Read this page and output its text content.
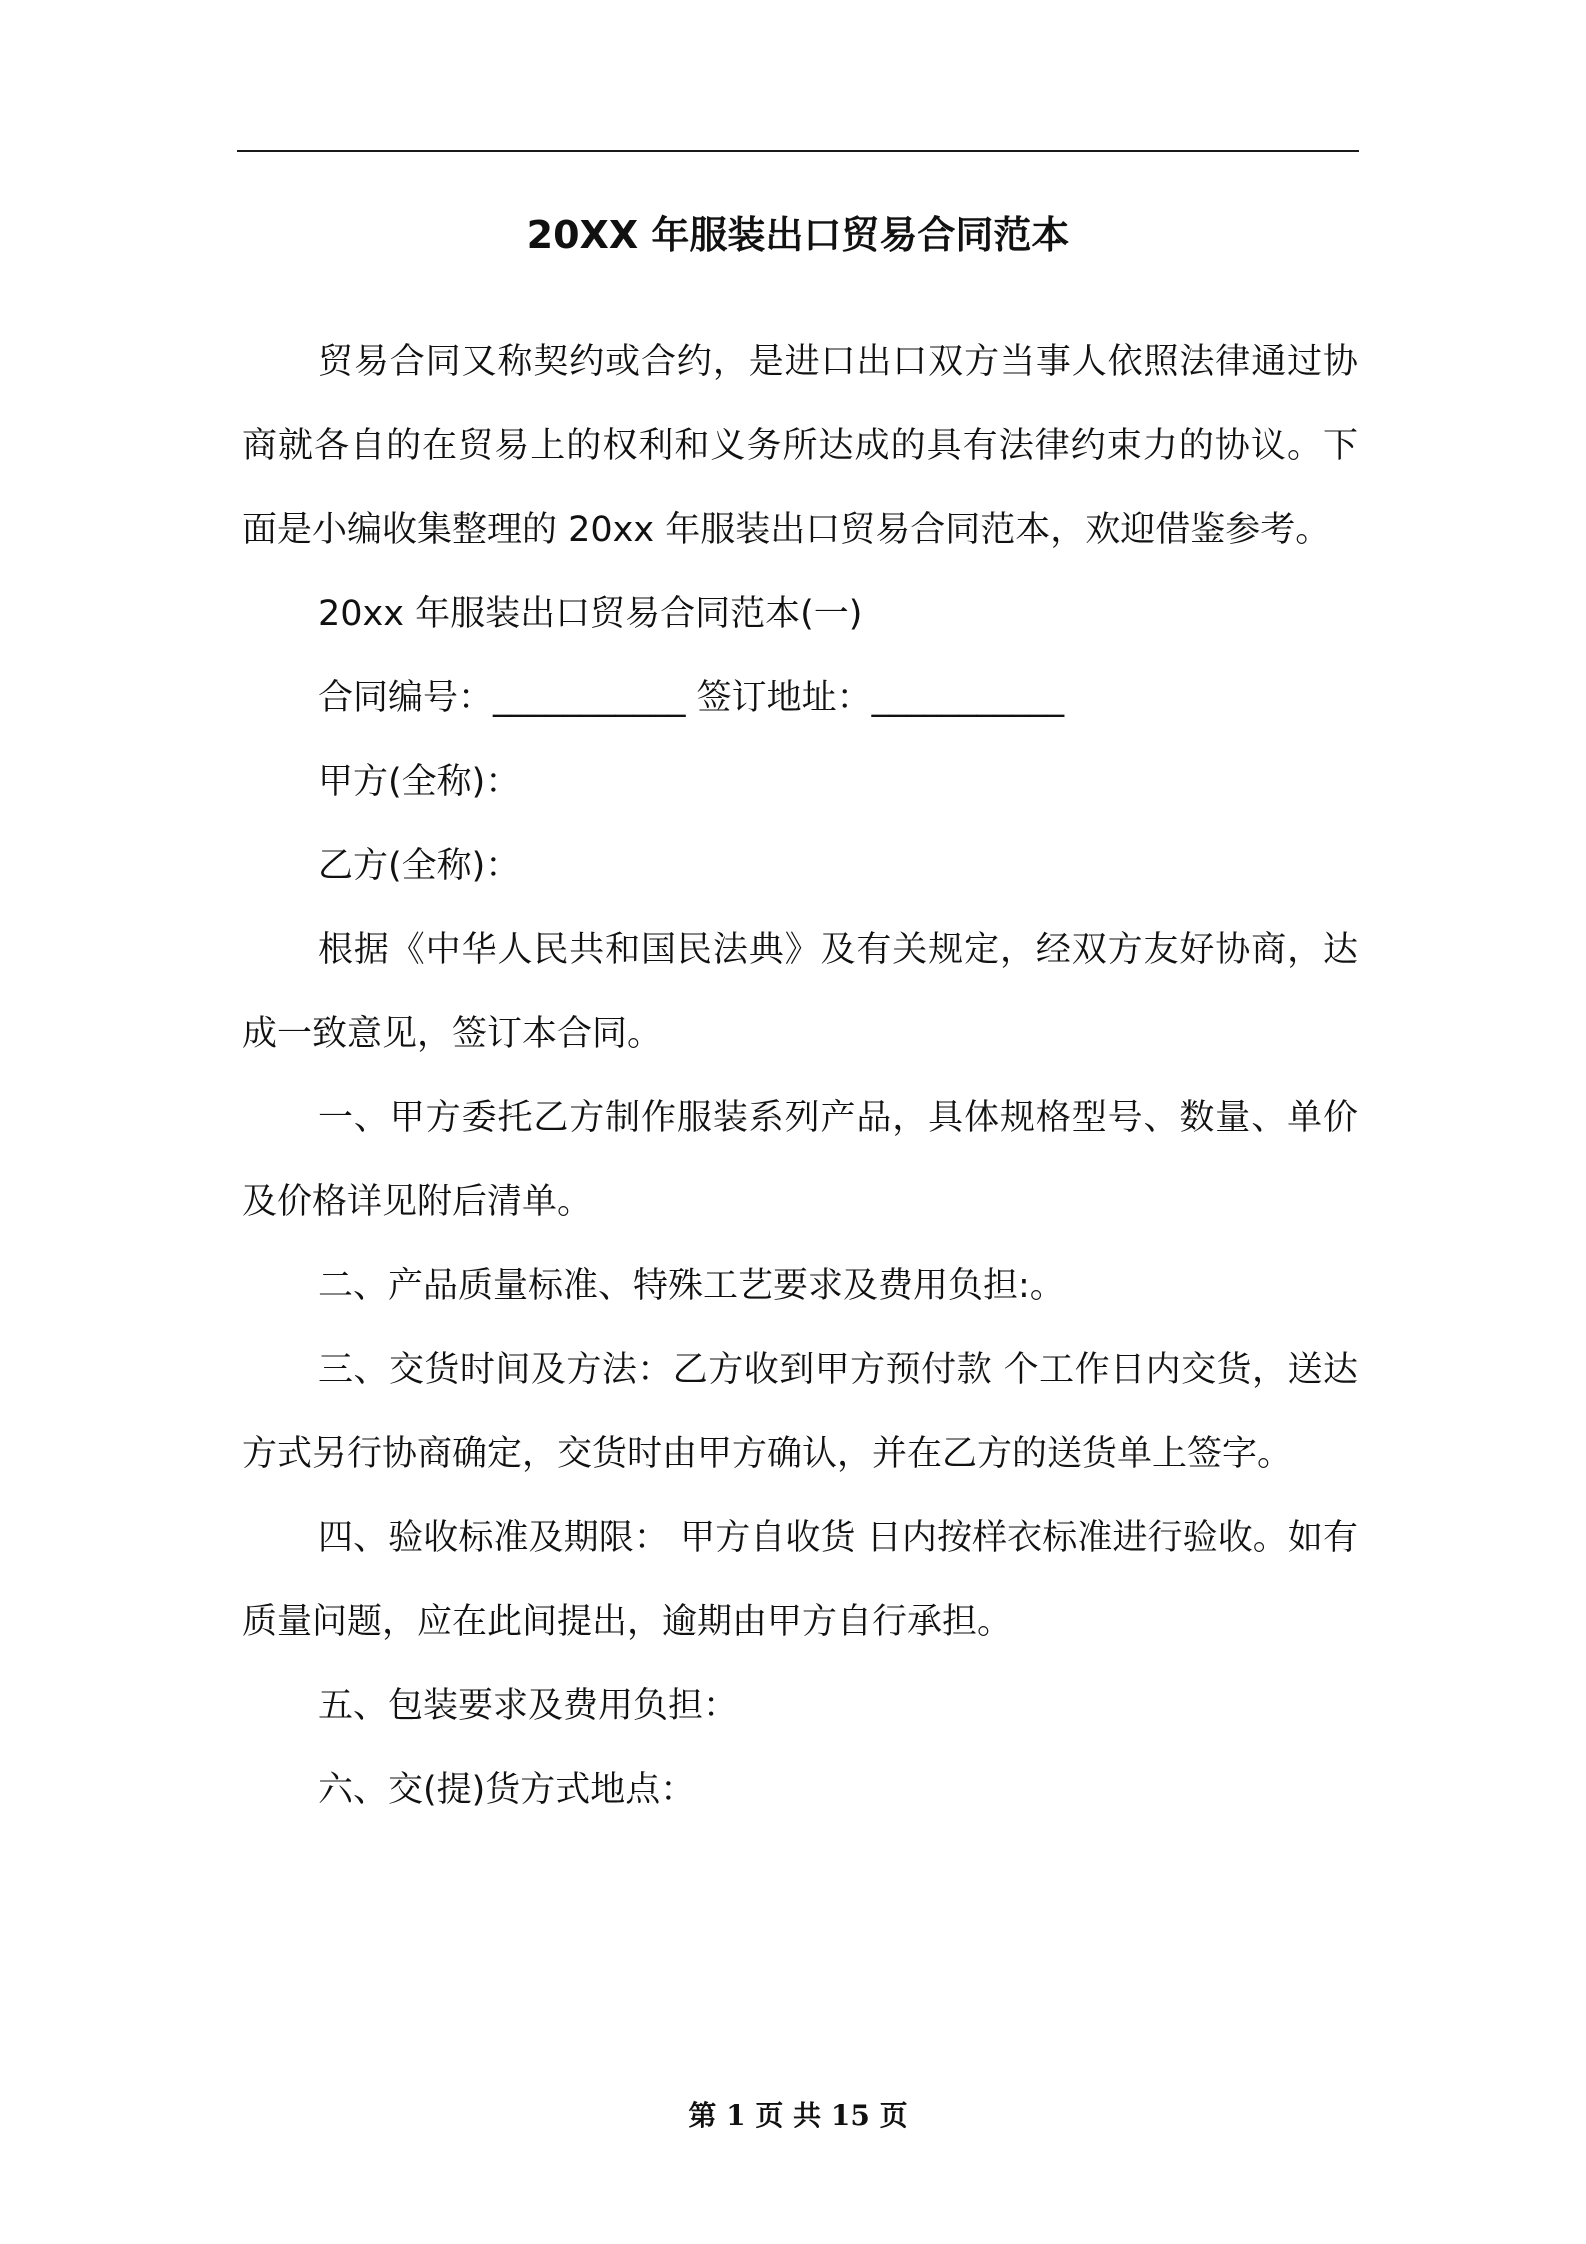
20XX 年服装出口贸易合同范本

贸易合同又称契约或合约，是进口出口双方当事人依照法律通过协商就各自的在贸易上的权利和义务所达成的具有法律约束力的协议。下面是小编收集整理的 20xx 年服装出口贸易合同范本，欢迎借鉴参考。

20xx 年服装出口贸易合同范本(一)

合同编号：___________ 签订地址：___________

甲方(全称)：

乙方(全称)：

根据《中华人民共和国民法典》及有关规定，经双方友好协商，达成一致意见，签订本合同。

一、甲方委托乙方制作服装系列产品，具体规格型号、数量、单价及价格详见附后清单。

二、产品质量标准、特殊工艺要求及费用负担:。

三、交货时间及方法：乙方收到甲方预付款 个工作日内交货，送达方式另行协商确定，交货时由甲方确认，并在乙方的送货单上签字。

四、验收标准及期限： 甲方自收货 日内按样衣标准进行验收。如有质量问题，应在此间提出，逾期由甲方自行承担。

五、包装要求及费用负担：

六、交(提)货方式地点：

第 1 页 共 15 页
